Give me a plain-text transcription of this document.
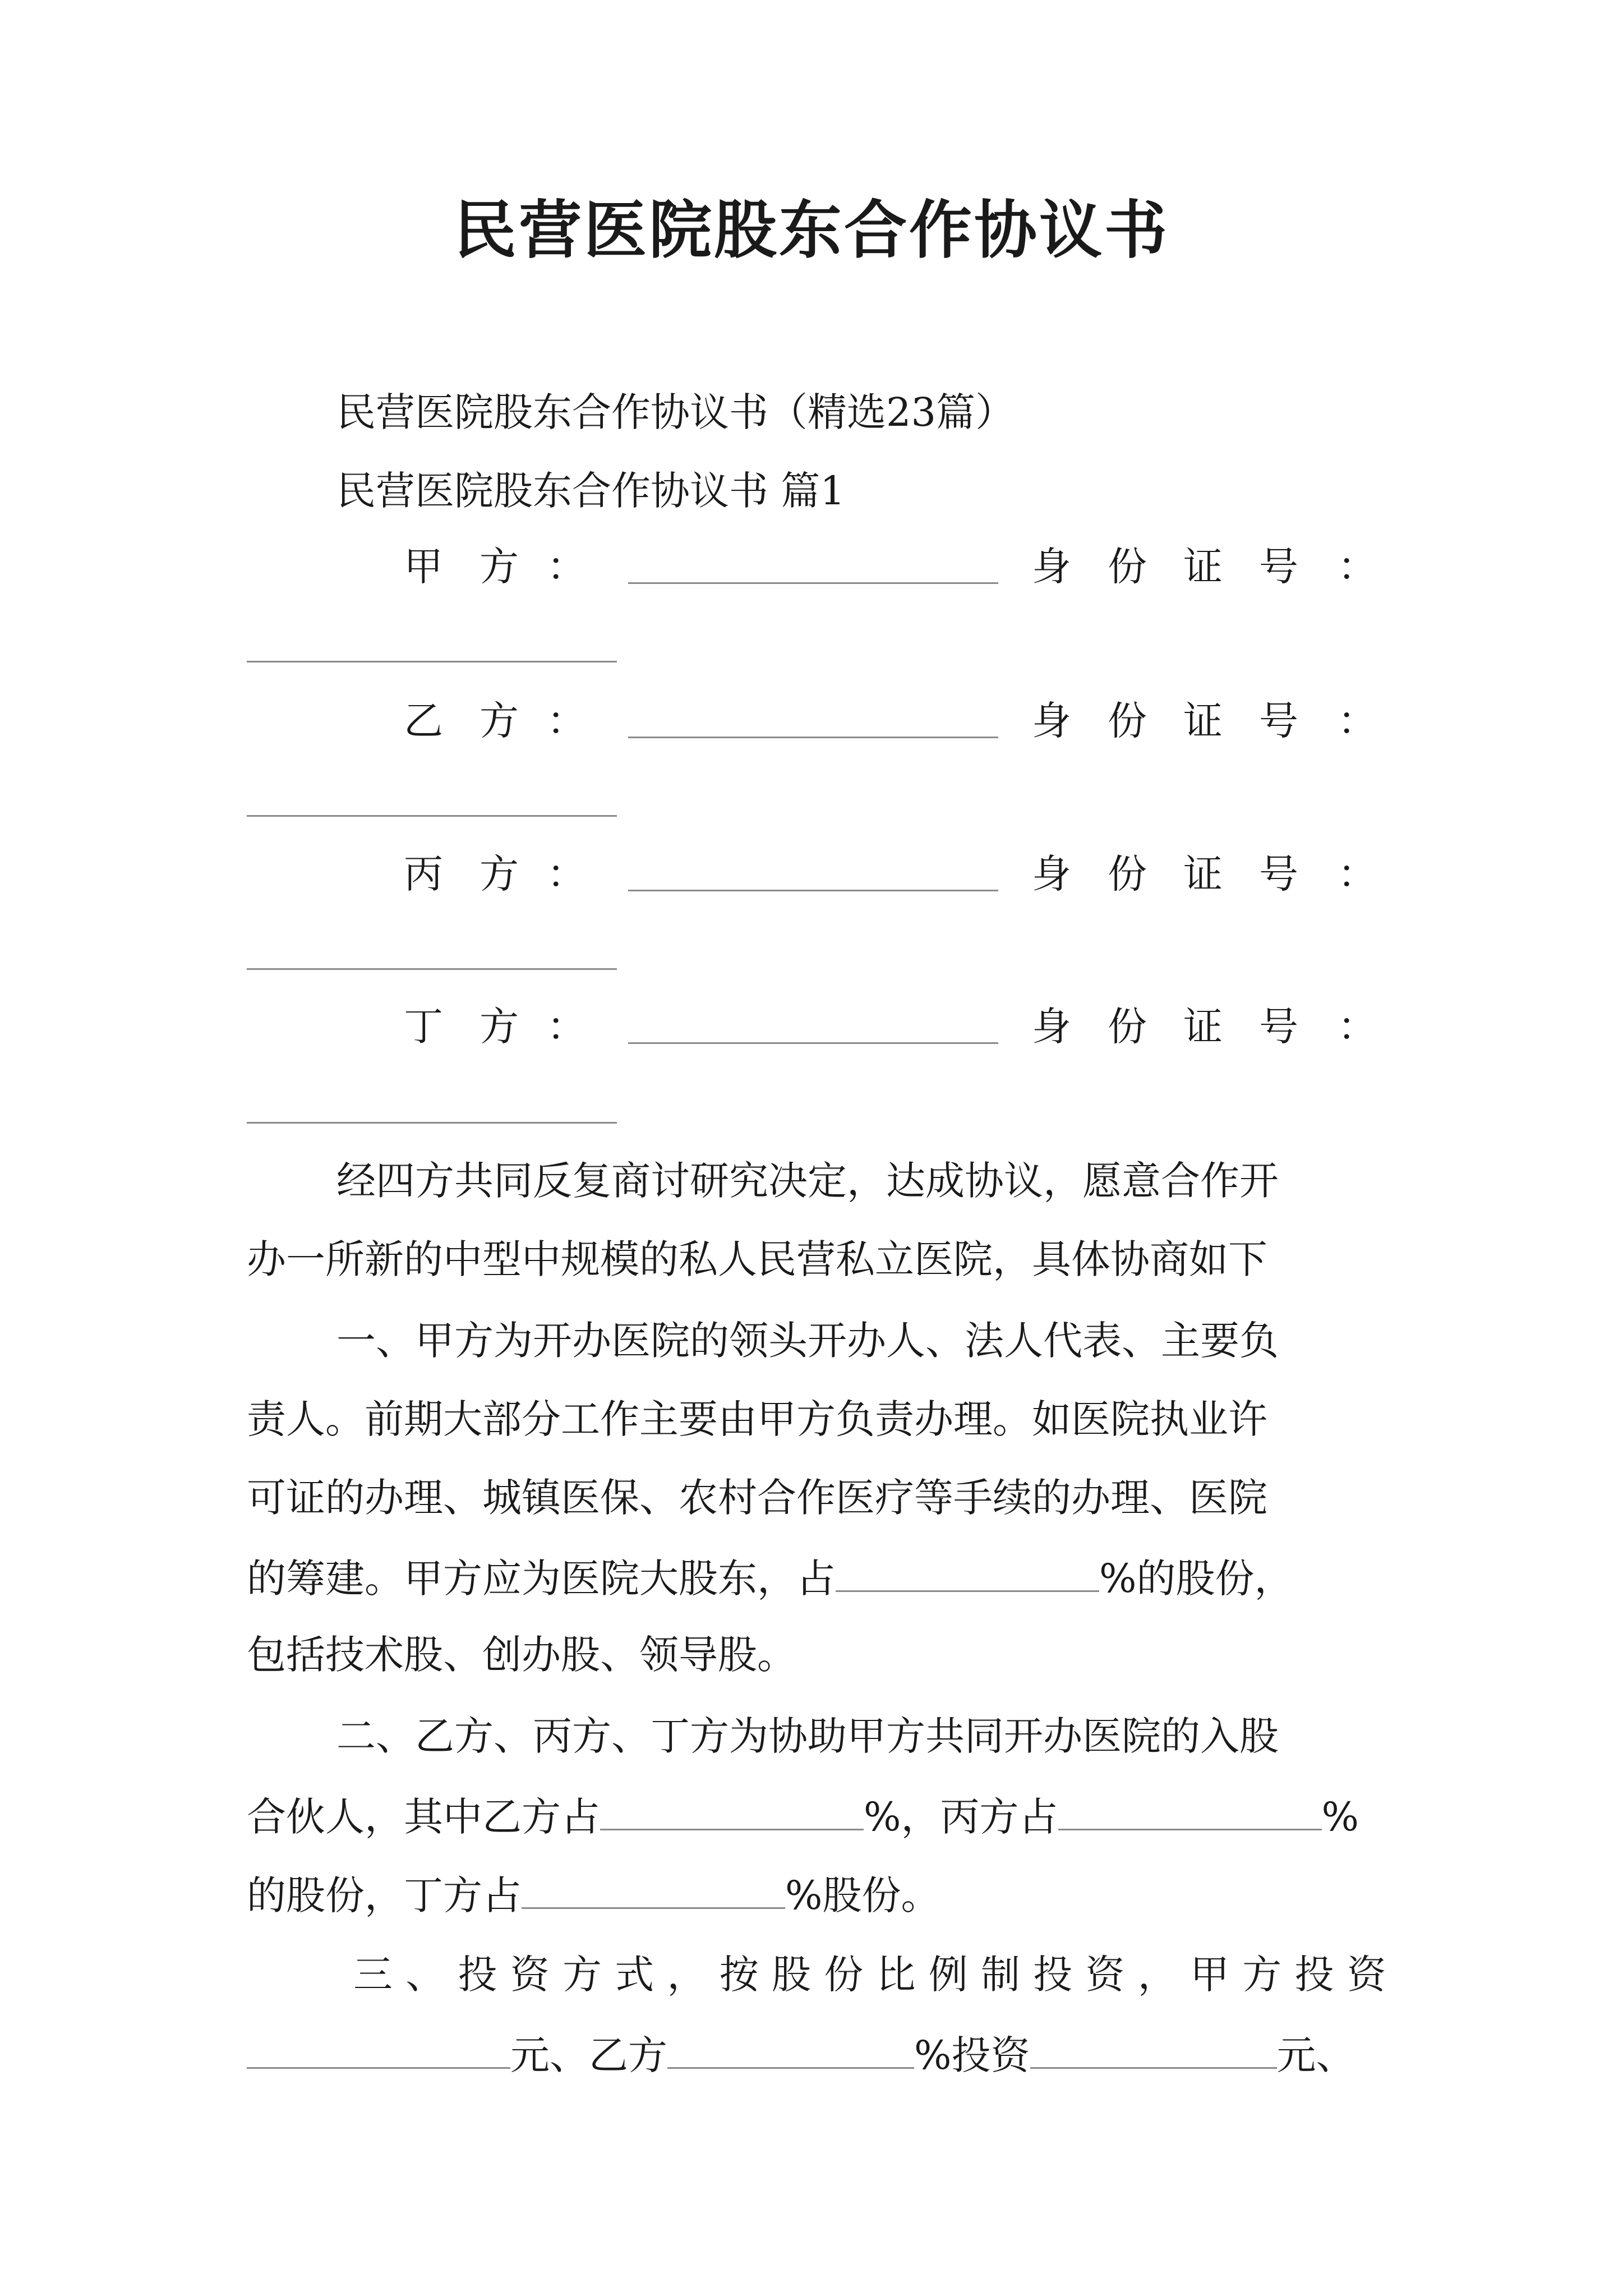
民营医院股东合作协议书
民营医院股东合作协议书（精选23篇）
民营医院股东合作协议书 篇1
甲 方 ：	身 份 证 号 ：
乙 方 ：	身 份 证 号 ：
丙 方 ：	身 份 证 号 ：
丁 方 ：	身 份 证 号 ：
经四方共同反复商讨研究决定，达成协议，愿意合作开
办一所新的中型中规模的私人民营私立医院，具体协商如下
一、甲方为开办医院的领头开办人、法人代表、主要负
责人。前期大部分工作主要由甲方负责办理。如医院执业许
可证的办理、城镇医保、农村合作医疗等手续的办理、医院
的筹建。甲方应为医院大股东，占	%的股份，
包括技术股、创办股、领导股。
二、乙方、丙方、丁方为协助甲方共同开办医院的入股
合伙人，其中乙方占	%，丙方占	%
的股份，丁方占	%股份。
三 、 投 资 方 式 ， 按 股 份 比 例 制 投 资 ， 甲 方 投 资
元、乙方	%投资	元、
